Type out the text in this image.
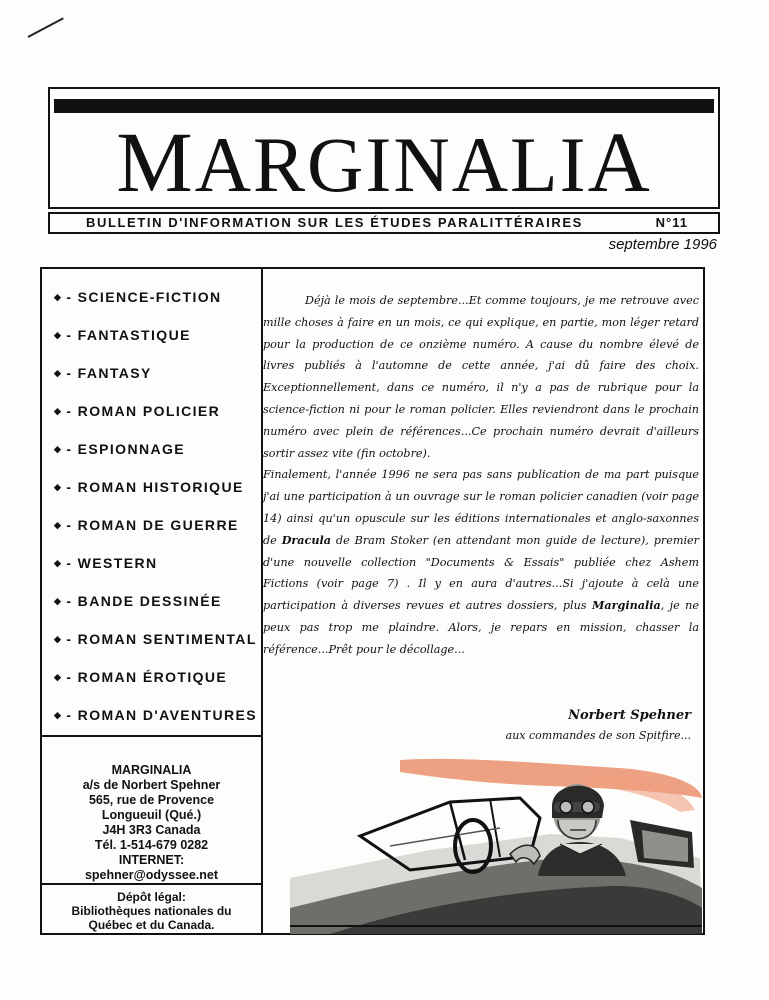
MARGINALIA
BULLETIN D'INFORMATION SUR LES ÉTUDES PARALITTÉRAIRES	N°11
septembre 1996
◆ - SCIENCE-FICTION
◆ - FANTASTIQUE
◆ - FANTASY
◆ - ROMAN POLICIER
◆ - ESPIONNAGE
◆ - ROMAN HISTORIQUE
◆ - ROMAN DE GUERRE
◆ - WESTERN
◆ - BANDE DESSINÉE
◆ - ROMAN SENTIMENTAL
◆ - ROMAN ÉROTIQUE
◆ - ROMAN D'AVENTURES
MARGINALIA
a/s de Norbert Spehner
565, rue de Provence
Longueuil (Qué.)
J4H 3R3 Canada
Tél. 1-514-679 0282
INTERNET:
spehner@odyssee.net
Dépôt légal:
Bibliothèques nationales du
Québec et du Canada.

Déjà le mois de septembre...Et comme toujours, je me retrouve avec mille choses à faire en un mois, ce qui explique, en partie, mon léger retard pour la production de ce onzième numéro. A cause du nombre élevé de livres publiés à l'automne de cette année, j'ai dû faire des choix. Exceptionnellement, dans ce numéro, il n'y a pas de rubrique pour la science-fiction ni pour le roman policier. Elles reviendront dans le prochain numéro avec plein de références...Ce prochain numéro devrait d'ailleurs sortir assez vite (fin octobre).

Finalement, l'année 1996 ne sera pas sans publication de ma part puisque j'ai une participation à un ouvrage sur le roman policier canadien (voir page 14) ainsi qu'un opuscule sur les éditions internationales et anglo-saxonnes de Dracula de Bram Stoker (en attendant mon guide de lecture), premier d'une nouvelle collection "Documents & Essais" publiée chez Ashem Fictions (voir page 7) . Il y en aura d'autres...Si j'ajoute à celà une participation à diverses revues et autres dossiers, plus Marginalia, je ne peux pas trop me plaindre. Alors, je repars en mission, chasser la référence...Prêt pour le décollage...

Norbert Spehner
aux commandes de son Spitfire...
